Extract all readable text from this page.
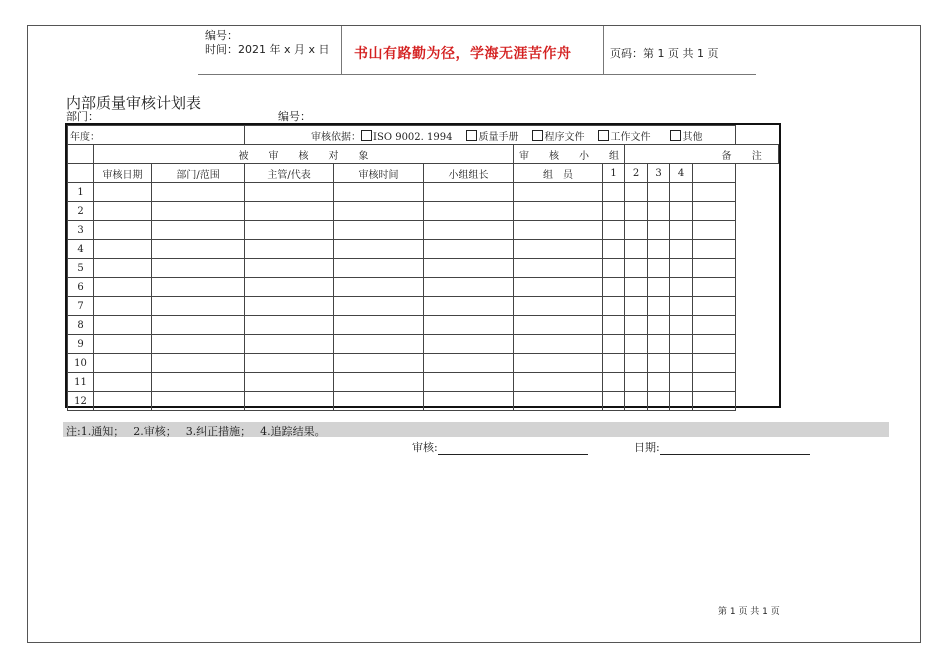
编号：
时间：2021 年 x 月 x 日 书山有路勤为径，学海无涯苦作舟	页码：第 1 页 共 1 页
内部质量审核计划表
部门：	编号：
年度：			审核依据： ISO 9002. 1994 质量手册 程序文件 工作文件 其他									
	被　　审　　核　　对　　象					审　　核　　小　　组		备				注
	审核日期	部门/范围	主管/代表	审核时间	小组组长	组　员	1	2	3	4		
1												
2												
3												
4												
5												
6												
7												
8												
9												
10												
11												
12												
注:1.通知；　 2.审核；　 3.纠正措施；　 4.追踪结果。
审核:	日期:
第 1 页 共 1 页
